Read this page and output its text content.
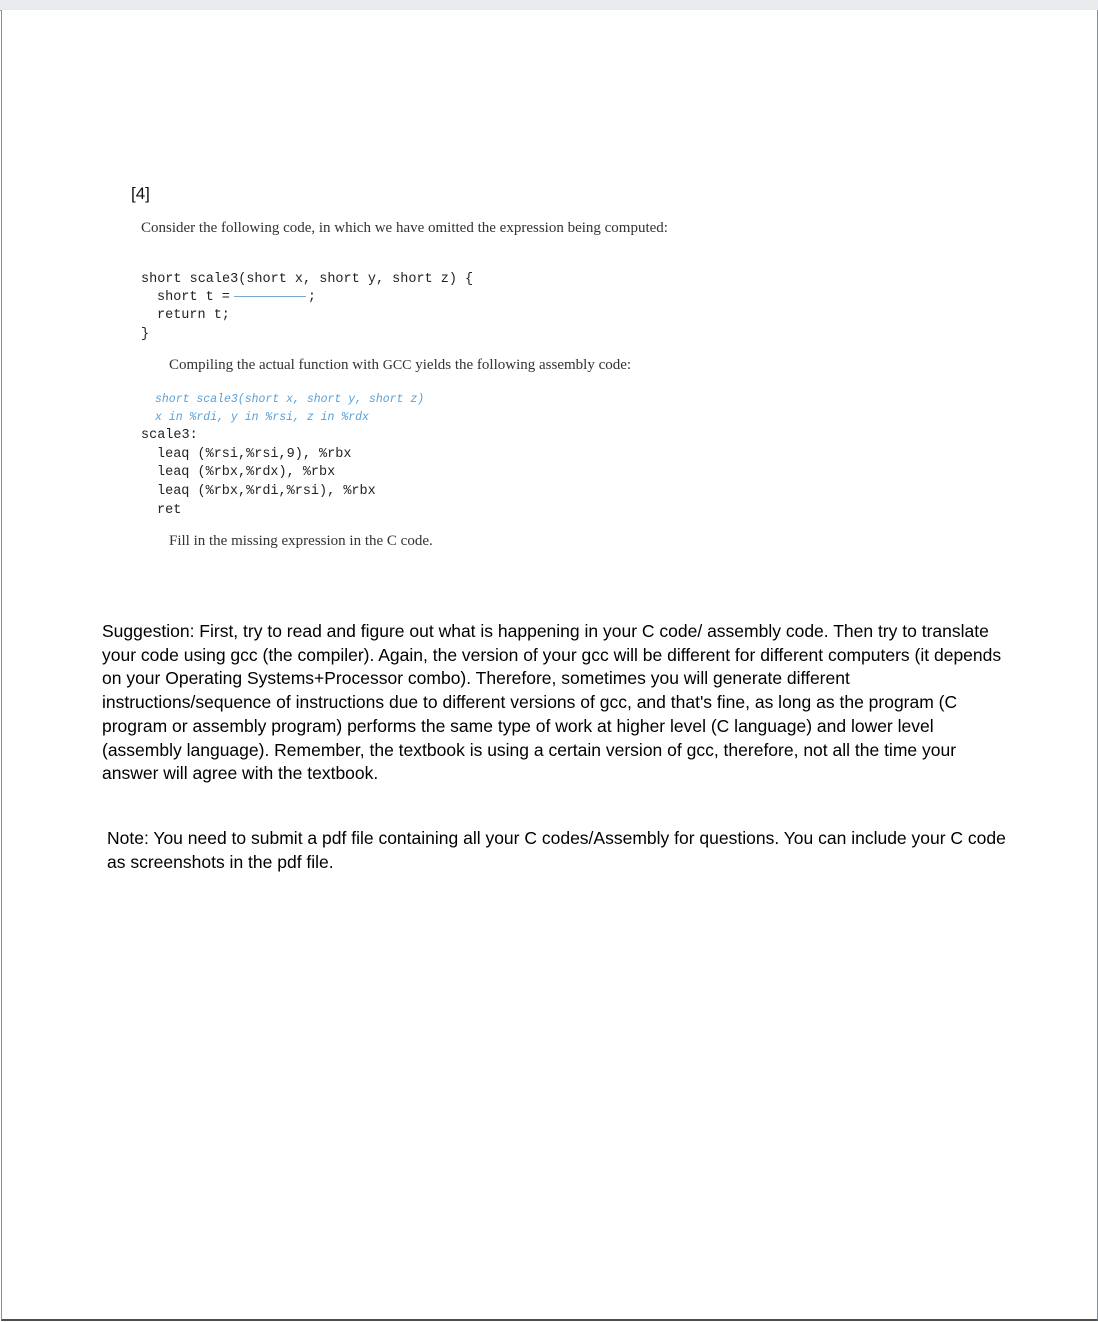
[4]
Consider the following code, in which we have omitted the expression being computed:
short scale3(short x, short y, short z) {
short t =	;
return t;
}
Compiling the actual function with GCC yields the following assembly code:
short scale3(short x, short y, short z)
x in %rdi, y in %rsi, z in %rdx
scale3:
leaq (%rsi,%rsi,9), %rbx
leaq (%rbx,%rdx), %rbx
leaq (%rbx,%rdi,%rsi), %rbx
ret
Fill in the missing expression in the C code.
Suggestion: First, try to read and figure out what is happening in your C code/ assembly code. Then try to translate your code using gcc (the compiler). Again, the version of your gcc will be different for different computers (it depends on your Operating Systems+Processor combo). Therefore, sometimes you will generate different instructions/sequence of instructions due to different versions of gcc, and that's fine, as long as the program (C program or assembly program) performs the same type of work at higher level (C language) and lower level (assembly language). Remember, the textbook is using a certain version of gcc, therefore, not all the time your answer will agree with the textbook.
Note: You need to submit a pdf file containing all your C codes/Assembly for questions. You can include your C code as screenshots in the pdf file.
